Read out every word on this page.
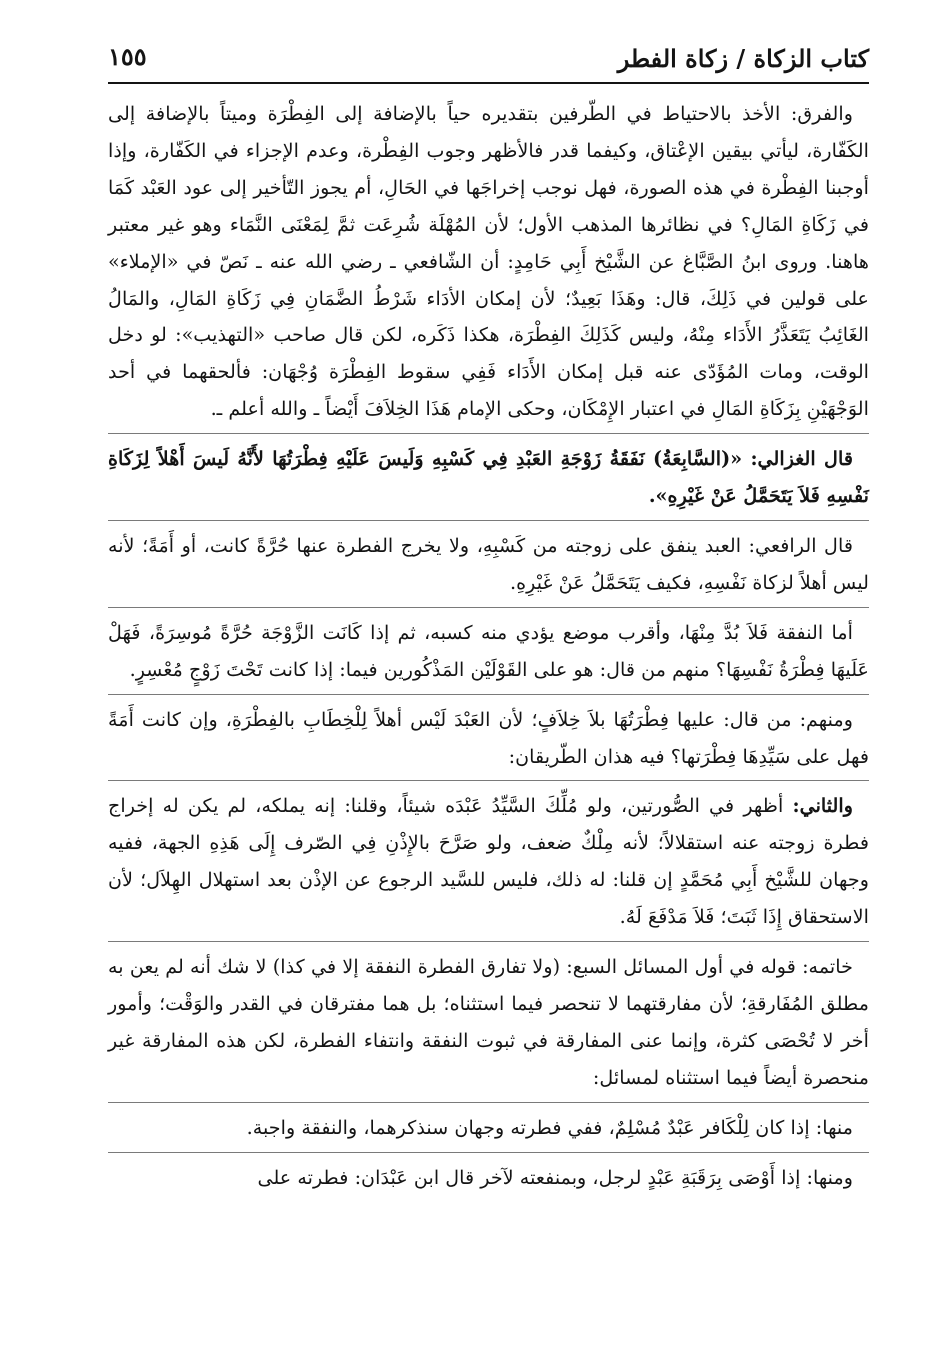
كتاب الزكاة / زكاة الفطر
١٥٥

والفرق: الأخذ بالاحتياط في الطّرفين بتقديره حياً بالإضافة إلى الفِطْرَة وميتاً بالإضافة إلى الكَفّارة، ليأتي بيقين الإعْتاق، وكيفما قدر فالأظهر وجوب الفِطْرة، وعدم الإجزاء في الكَفّارة، وإذا أوجبنا الفِطْرة في هذه الصورة، فهل نوجب إخراجَها في الحَالِ، أم يجوز التّأخير إلى عود العَبْد كَمَا في زَكَاةِ المَالِ؟ في نظائرها المذهب الأول؛ لأن المُهْلَة شُرِعَت ثمَّ لِمَعْنَى النَّمَاء وهو غير معتبر هاهنا. وروى ابنُ الصَّبَّاغ عن الشَّيْخ أَبِي حَامِدٍ: أن الشّافعي ـ رضي الله عنه ـ نَصّ في «الإملاء» على قولين في ذَلِكَ، قال: وهَذَا بَعِيدٌ؛ لأن إمكان الأدَاء شَرْطُ الضَّمَانِ فِي زَكَاةِ المَالِ، والمَالُ الغَائِبُ يَتَعَذَّرُ الأَدَاء مِنْهُ، وليس كَذَلِكَ الفِطْرَة، هكذا ذَكَره، لكن قال صاحب «التهذيب»: لو دخل الوقت، ومات المُؤَدّى عنه قبل إمكان الأَدَاء فَفِي سقوط الفِطْرَة وُجْهَان: فألحقهما في أحد الوَجْهَيْنِ بِزَكَاةِ المَالِ في اعتبار الإِمْكَان، وحكى الإمام هَذَا الخِلاَفَ أَيْضاً ـ والله أعلم ـ.

قال الغزالي: «(السَّابِعَةُ) نَفَقَةُ زَوْجَةِ العَبْدِ فِي كَسْبِهِ وَلَيسَ عَلَيْهِ فِطْرَتُهَا لأَنَّهُ لَيسَ أَهْلاً لِزَكَاةِ نَفْسِهِ فَلاَ يَتَحَمَّلُ عَنْ غَيْرِهِ».

قال الرافعي: العبد ينفق على زوجته من كَسْبِهِ، ولا يخرج الفطرة عنها حُرَّةً كانت، أو أَمَةً؛ لأنه ليس أهلاً لزكاة نَفْسِهِ، فكيف يَتَحَمَّلُ عَنْ غَيْرِهِ.

أما النفقة فَلاَ بُدَّ مِنْهَا، وأقرب موضع يؤدي منه كسبه، ثم إذا كَانَت الزَّوْجَة حُرَّةً مُوسِرَةً، فَهَلْ عَلَيهَا فِطْرَةُ نَفْسِهَا؟ منهم من قال: هو على القَوْلَيْن المَذْكُورين فيما: إذا كانت تَحْتَ زَوْجٍ مُعْسِرٍ.

ومنهم: من قال: عليها فِطْرَتُهَا بلاَ خِلاَفٍ؛ لأن العَبْدَ لَيْس أهلاً لِلْخِطَابِ بالفِطْرَةِ، وإن كانت أَمَةً فهل على سَيِّدِهَا فِطْرَتها؟ فيه هذان الطّريقان:

والثاني: أظهر في الصُّورتين، ولو مُلِّكَ السَّيِّدُ عَبْدَه شيئاً، وقلنا: إنه يملكه، لم يكن له إخراج فطرة زوجته عنه استقلالاً؛ لأنه مِلْكٌ ضعف، ولو صَرَّحَ بالإِذْنِ فِي الصّرف إِلَى هَذِهِ الجهة، ففيه وجهان للشَّيْخ أَبِي مُحَمَّدٍ إن قلنا: له ذلك، فليس للسَّيد الرجوع عن الإذْن بعد استهلال الهِلاَل؛ لأن الاستحقاق إِذَا ثَبَتَ؛ فَلاَ مَدْفَعَ لَهُ.

خاتمه: قوله في أول المسائل السبع: (ولا تفارق الفطرة النفقة إلا في كذا) لا شك أنه لم يعن به مطلق المُفَارقةِ؛ لأن مفارقتهما لا تنحصر فيما استثناه؛ بل هما مفترقان في القدر والوَقْت؛ وأمور أخر لا تُحْصَى كثرة، وإنما عنى المفارقة في ثبوت النفقة وانتفاء الفطرة، لكن هذه المفارقة غير منحصرة أيضاً فيما استثناه لمسائل:

منها: إذا كان لِلْكَافر عَبْدٌ مُسْلِمٌ، ففي فطرته وجهان سنذكرهما، والنفقة واجبة.

ومنها: إذا أَوْصَى بِرَقَبَةِ عَبْدٍ لرجل، وبمنفعته لآخر قال ابن عَبْدَان: فطرته على
